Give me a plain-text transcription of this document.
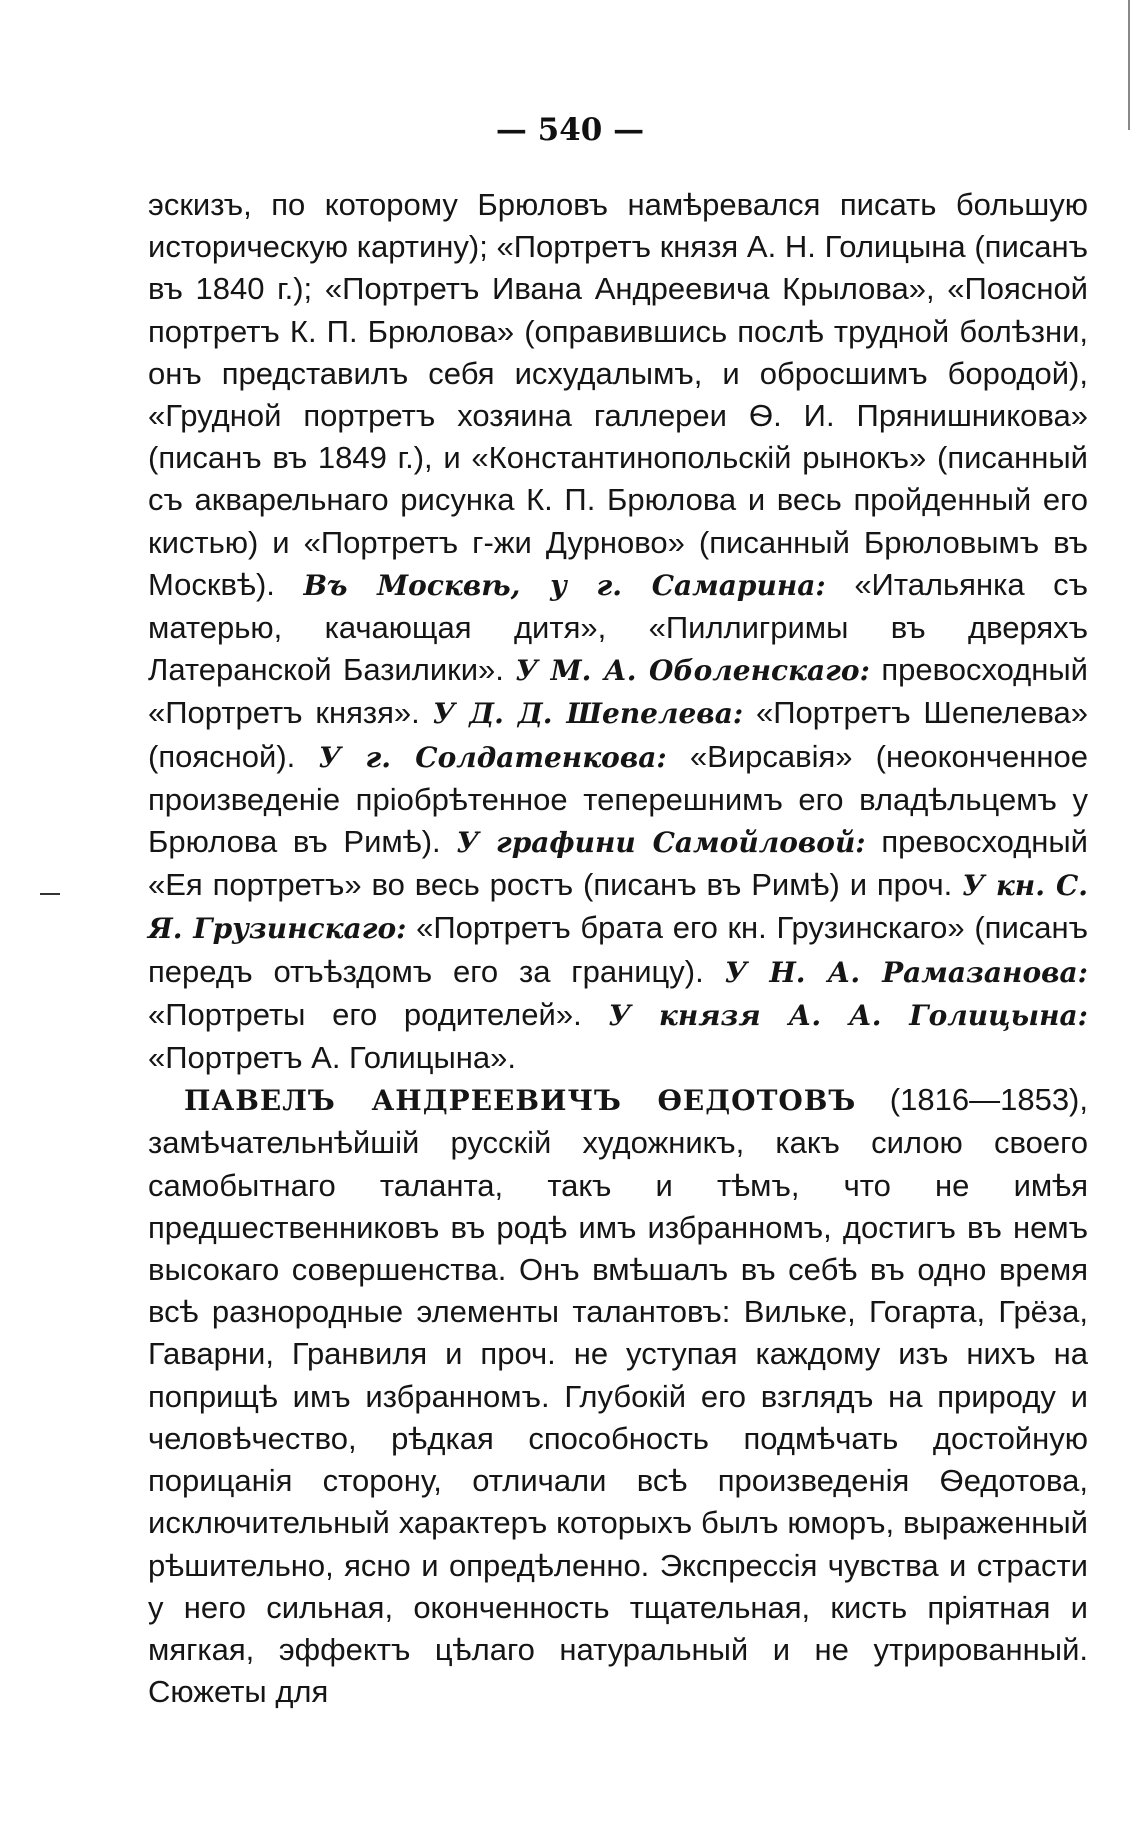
— 540 —

эскизъ, по которому Брюловъ намѣревался писать большую историческую картину); «Портретъ князя А. Н. Голицына (писанъ въ 1840 г.); «Портретъ Ивана Андреевича Крылова», «Поясной портретъ К. П. Брюлова» (оправившись послѣ трудной болѣзни, онъ представилъ себя исхудалымъ, и обросшимъ бородой), «Грудной портретъ хозяина галлереи Ѳ. И. Прянишникова» (писанъ въ 1849 г.), и «Константинопольскій рынокъ» (писанный съ акварельнаго рисунка К. П. Брюлова и весь пройденный его кистью) и «Портретъ г-жи Дурново» (писанный Брюловымъ въ Москвѣ). Въ Москвѣ, у г. Самарина: «Итальянка съ матерью, качающая дитя», «Пиллигримы въ дверяхъ Латеранской Базилики». У М. А. Оболенскаго: превосходный «Портретъ князя». У Д. Д. Шепелева: «Портретъ Шепелева» (поясной). У г. Солдатенкова: «Вирсавія» (неоконченное произведеніе пріобрѣтенное теперешнимъ его владѣльцемъ у Брюлова въ Римѣ). У графини Самойловой: превосходный «Ея портретъ» во весь ростъ (писанъ въ Римѣ) и проч. У кн. С. Я. Грузинскаго: «Портретъ брата его кн. Грузинскаго» (писанъ передъ отъѣздомъ его за границу). У Н. А. Рамазанова: «Портреты его родителей». У князя А. А. Голицына: «Портретъ А. Голицына».

ПАВЕЛЪ АНДРЕЕВИЧЪ ѲЕДОТОВЪ (1816—1853), замѣчательнѣйшій русскій художникъ, какъ силою своего самобытнаго таланта, такъ и тѣмъ, что не имѣя предшественниковъ въ родѣ имъ избранномъ, достигъ въ немъ высокаго совершенства. Онъ вмѣшалъ въ себѣ въ одно время всѣ разнородные элементы талантовъ: Вильке, Гогарта, Грёза, Гаварни, Гранвиля и проч. не уступая каждому изъ нихъ на поприщѣ имъ избранномъ. Глубокій его взглядъ на природу и человѣчество, рѣдкая способность подмѣчать достойную порицанія сторону, отличали всѣ произведенія Ѳедотова, исключительный характеръ которыхъ былъ юморъ, выраженный рѣшительно, ясно и опредѣленно. Экспрессія чувства и страсти у него сильная, оконченность тщательная, кисть пріятная и мягкая, эффектъ цѣлаго натуральный и не утрированный. Сюжеты для
